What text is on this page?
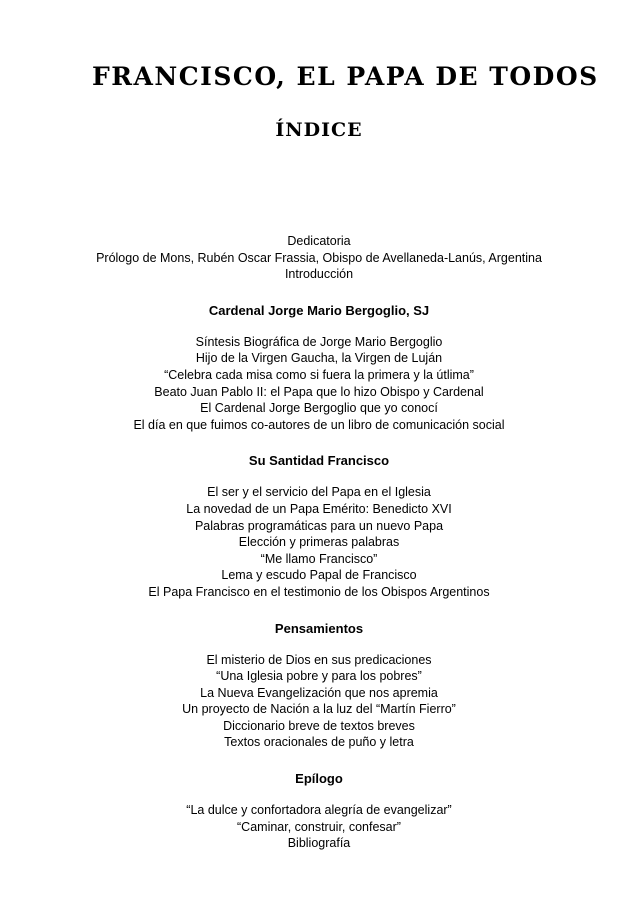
FRANCISCO, EL PAPA DE TODOS
ÍNDICE
Dedicatoria
Prólogo de Mons, Rubén Oscar Frassia, Obispo de Avellaneda-Lanús, Argentina
Introducción
Cardenal Jorge Mario Bergoglio, SJ
Síntesis Biográfica de Jorge Mario Bergoglio
Hijo de la Virgen Gaucha, la Virgen de Luján
“Celebra cada misa como si fuera la primera y la útlima”
Beato Juan Pablo II: el Papa que lo hizo Obispo y Cardenal
El Cardenal Jorge Bergoglio que yo conocí
El día en que fuimos co-autores de un libro de comunicación social
Su Santidad Francisco
El ser y el servicio del Papa en el Iglesia
La novedad de un Papa Emérito: Benedicto XVI
Palabras programáticas para un nuevo Papa
Elección y primeras palabras
“Me llamo Francisco”
Lema y escudo Papal de Francisco
El Papa Francisco en el testimonio de los Obispos Argentinos
Pensamientos
El misterio de Dios en sus predicaciones
“Una Iglesia pobre y para los pobres”
La Nueva Evangelización que nos apremia
Un proyecto de Nación a la luz del “Martín Fierro”
Diccionario breve de textos breves
Textos oracionales de puño y letra
Epílogo
“La dulce y confortadora alegría de evangelizar”
“Caminar, construir, confesar”
Bibliografía
